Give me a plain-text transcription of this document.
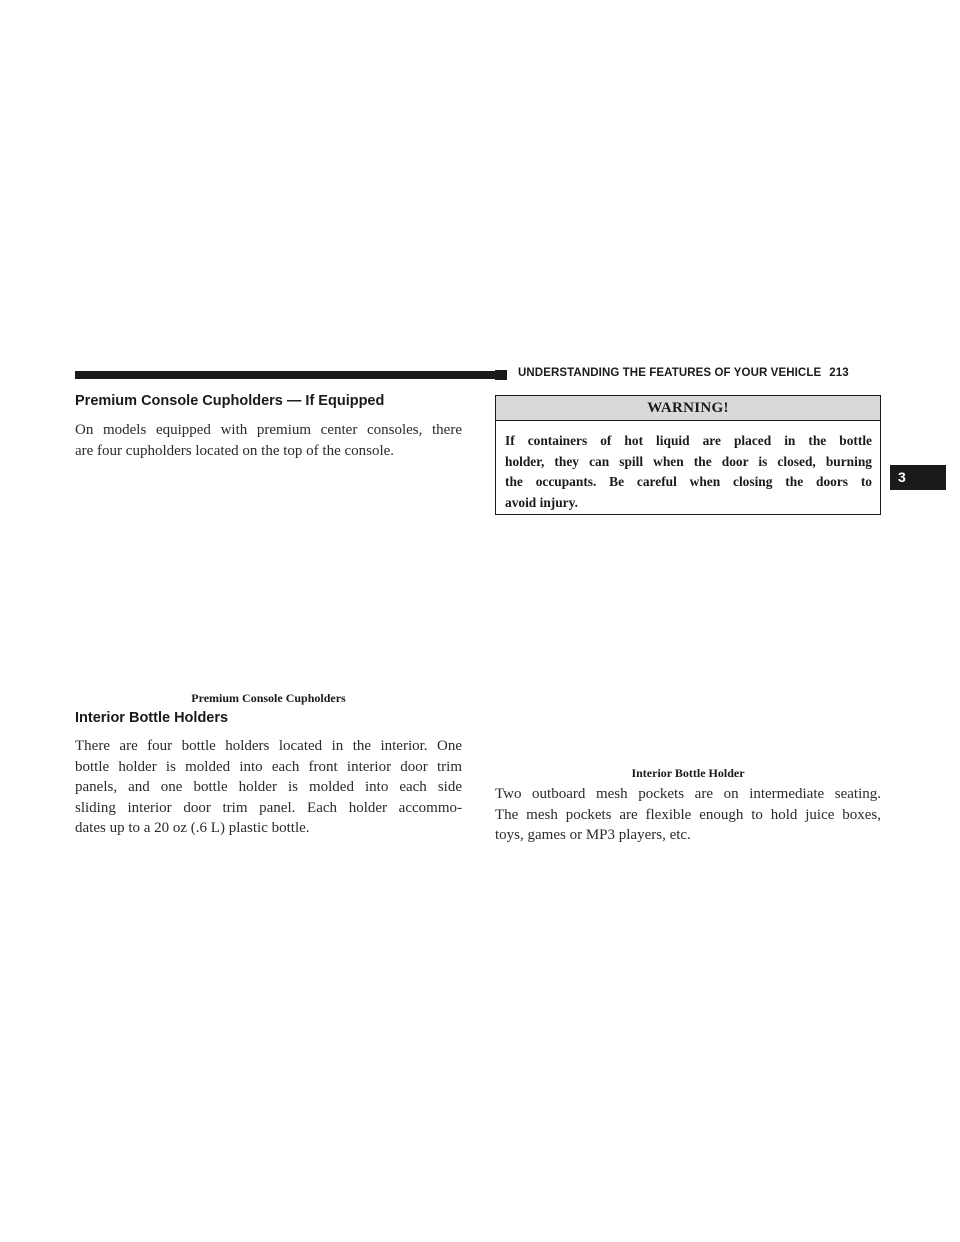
UNDERSTANDING THE FEATURES OF YOUR VEHICLE 213
3
Premium Console Cupholders — If Equipped
On models equipped with premium center consoles, there
are four cupholders located on the top of the console.
Premium Console Cupholders
Interior Bottle Holders
There are four bottle holders located in the interior. One
bottle holder is molded into each front interior door trim
panels, and one bottle holder is molded into each side
sliding interior door trim panel. Each holder accommo-
dates up to a 20 oz (.6 L) plastic bottle.
WARNING!
If containers of hot liquid are placed in the bottle
holder, they can spill when the door is closed, burning
the occupants. Be careful when closing the doors to
avoid injury.
Interior Bottle Holder
Two outboard mesh pockets are on intermediate seating.
The mesh pockets are flexible enough to hold juice boxes,
toys, games or MP3 players, etc.
